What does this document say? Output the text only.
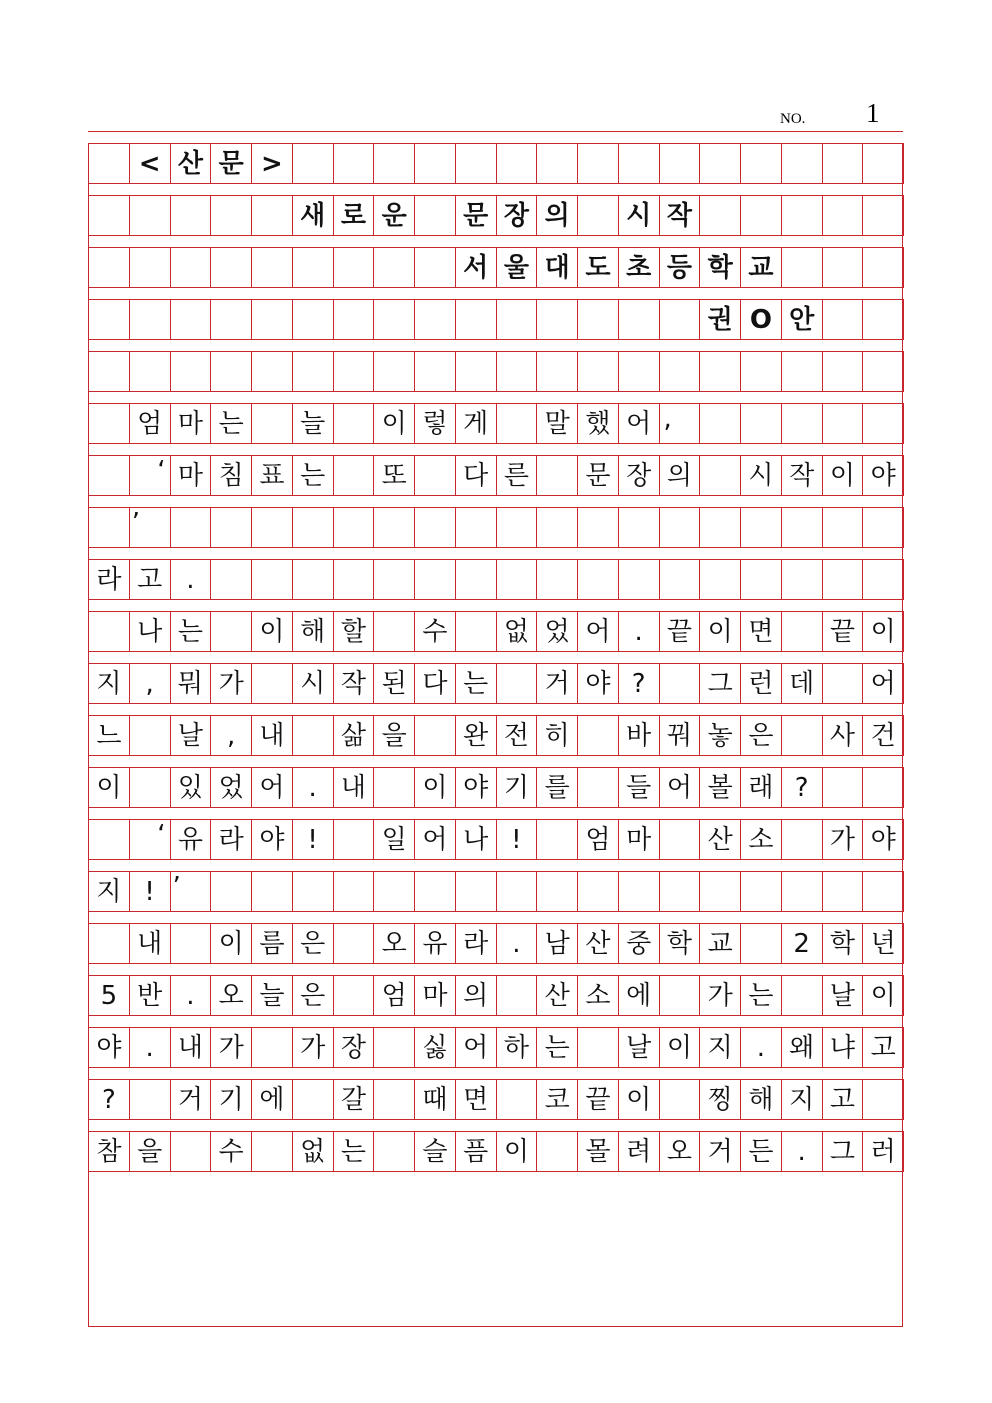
NO. 1
< 산 문 >
새 로 운	문 장 의	시 작
서 울 대 도 초 등 학 교
권 O 안
엄 마 는	늘	이 렇 게	말 했 어 ,
‘ 마 침 표 는	또	다 른	문 장 의	시 작 이 야
’
라 고 .
나 는	이 해 할	수	없 었 어 . 끝 이 면	끝 이
지 , 뭐 가	시 작 된 다 는	거 야 ?	그 런 데	어
느	날 , 내	삶 을	완 전 히	바 꿔 놓 은	사 건
이	있 었 어 . 내	이 야 기 를	들 어 볼 래 ?
‘ 유 라 야 !	일 어 나 !	엄 마	산 소	가 야
지 ! ’
내	이 름 은	오 유 라 . 남 산 중 학 교	2 학 년
5 반 . 오 늘 은	엄 마 의	산 소 에	가 는	날 이
야 . 내 가	가 장	싫 어 하 는	날 이 지 . 왜 냐 고
?	거 기 에	갈	때 면	코 끝 이	찡 해 지 고
참 을	수	없 는	슬 픔 이	몰 려 오 거 든 . 그 러
